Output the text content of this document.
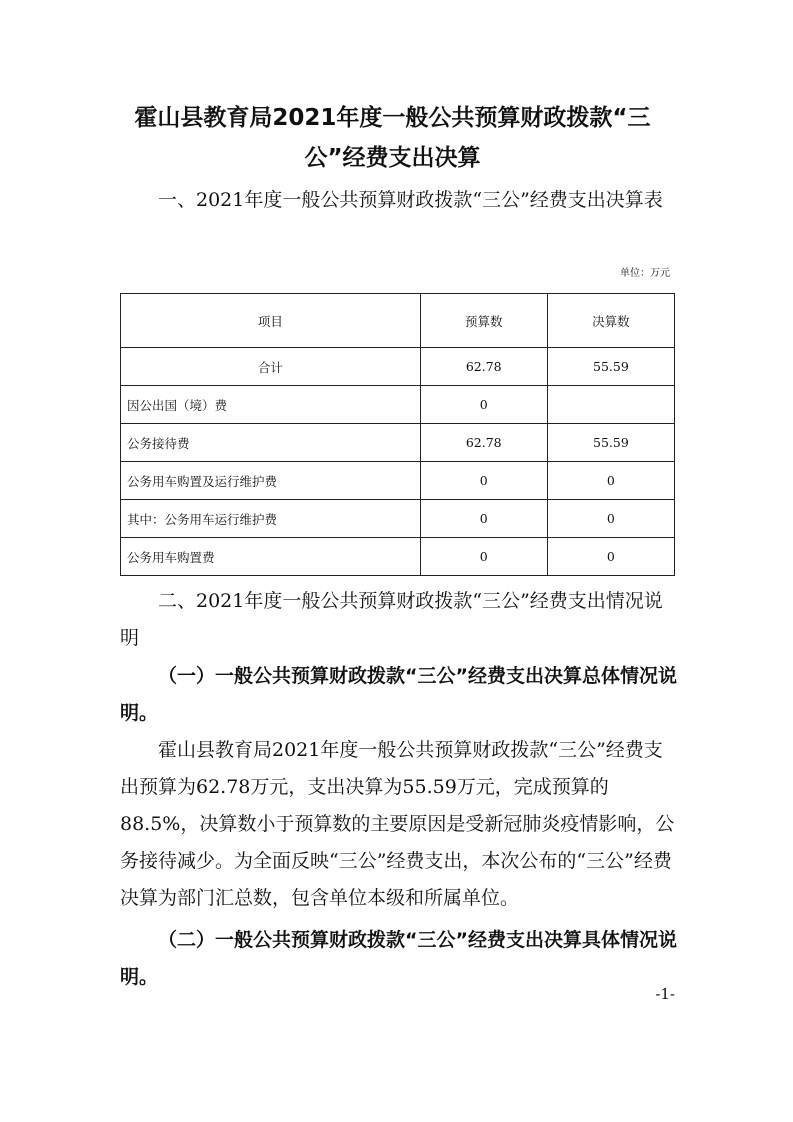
霍山县教育局2021年度一般公共预算财政拨款“三公”经费支出决算
一、2021年度一般公共预算财政拨款“三公”经费支出决算表
单位：万元
项目	预算数	决算数
合计	62.78	55.59
因公出国（境）费	0	
公务接待费	62.78	55.59
公务用车购置及运行维护费	0	0
其中：公务用车运行维护费	0	0
公务用车购置费	0	0
二、2021年度一般公共预算财政拨款“三公”经费支出情况说明
（一）一般公共预算财政拨款“三公”经费支出决算总体情况说明。
霍山县教育局2021年度一般公共预算财政拨款“三公”经费支出预算为62.78万元，支出决算为55.59万元，完成预算的88.5%，决算数小于预算数的主要原因是受新冠肺炎疫情影响，公务接待减少。为全面反映“三公”经费支出，本次公布的“三公”经费决算为部门汇总数，包含单位本级和所属单位。
（二）一般公共预算财政拨款“三公”经费支出决算具体情况说明。
-1-
